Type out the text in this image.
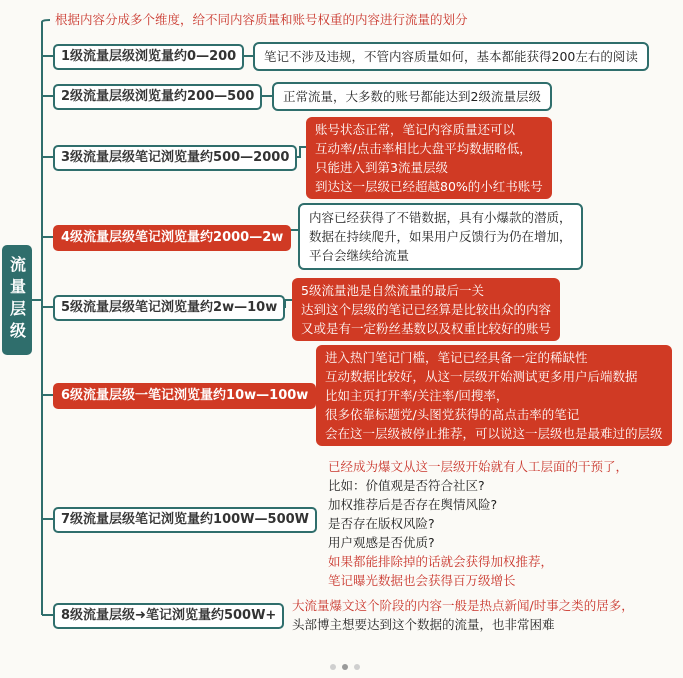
流量层级
根据内容分成多个维度，给不同内容质量和账号权重的内容进行流量的划分
1级流量层级浏览量约0—200
2级流量层级浏览量约200—500
3级流量层级笔记浏览量约500—2000
4级流量层级笔记浏览量约2000—2w
5级流量层级笔记浏览量约2w—10w
6级流量层级一笔记浏览量约10w—100w
7级流量层级笔记浏览量约100W—500W
8级流量层级➜笔记浏览量约500W+
笔记不涉及违规，不管内容质量如何，基本都能获得200左右的阅读
正常流量，大多数的账号都能达到2级流量层级
账号状态正常，笔记内容质量还可以
互动率/点击率相比大盘平均数据略低，
只能进入到第3流量层级
到达这一层级已经超越80%的小红书账号
内容已经获得了不错数据，具有小爆款的潜质，
数据在持续爬升，如果用户反馈行为仍在增加，
平台会继续给流量
5级流量池是自然流量的最后一关
达到这个层级的笔记已经算是比较出众的内容
又或是有一定粉丝基数以及权重比较好的账号
进入热门笔记门槛，笔记已经具备一定的稀缺性
互动数据比较好，从这一层级开始测试更多用户后端数据
比如主页打开率/关注率/回搜率，
很多依靠标题党/头图党获得的高点击率的笔记
会在这一层级被停止推荐，可以说这一层级也是最难过的层级
已经成为爆文从这一层级开始就有人工层面的干预了，
比如：价值观是否符合社区?
加权推荐后是否存在舆情风险?
是否存在版权风险?
用户观感是否优质?
如果都能排除掉的话就会获得加权推荐，
笔记曝光数据也会获得百万级增长
大流量爆文这个阶段的内容一般是热点新闻/时事之类的居多，
头部博主想要达到这个数据的流量，也非常困难
